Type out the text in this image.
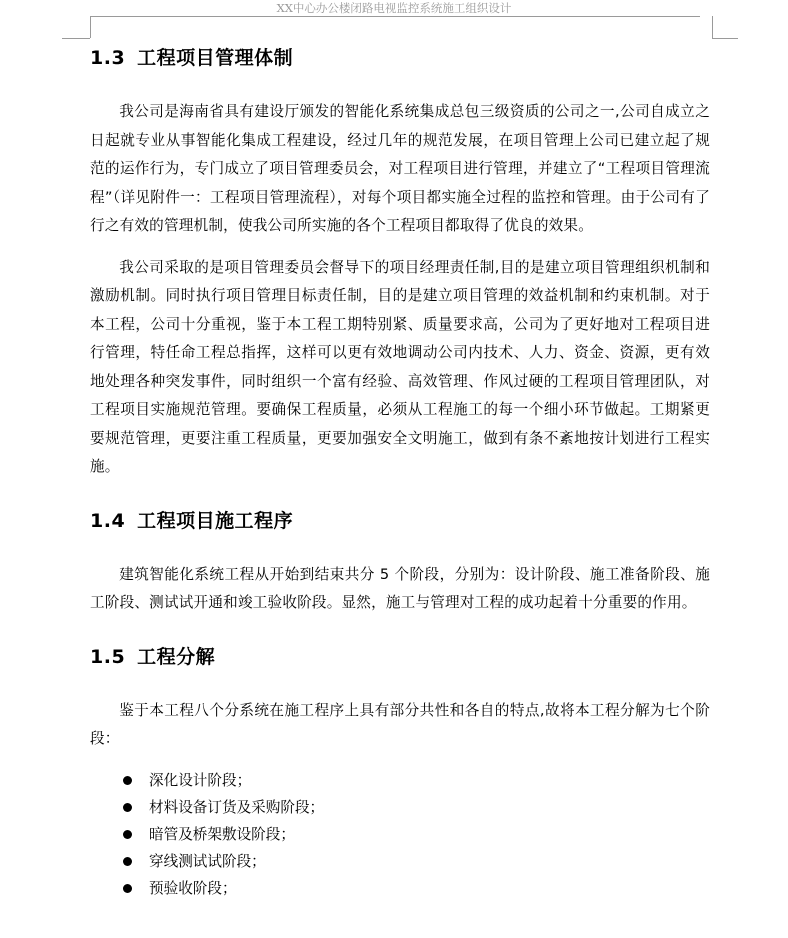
XX中心办公楼闭路电视监控系统施工组织设计
1.3 工程项目管理体制

我公司是海南省具有建设厅颁发的智能化系统集成总包三级资质的公司之一,公司自成立之日起就专业从事智能化集成工程建设，经过几年的规范发展，在项目管理上公司已建立起了规范的运作行为，专门成立了项目管理委员会，对工程项目进行管理，并建立了“工程项目管理流程”（详见附件一：工程项目管理流程），对每个项目都实施全过程的监控和管理。由于公司有了行之有效的管理机制，使我公司所实施的各个工程项目都取得了优良的效果。

我公司采取的是项目管理委员会督导下的项目经理责任制,目的是建立项目管理组织机制和激励机制。同时执行项目管理目标责任制，目的是建立项目管理的效益机制和约束机制。对于本工程，公司十分重视，鉴于本工程工期特别紧、质量要求高，公司为了更好地对工程项目进行管理，特任命工程总指挥，这样可以更有效地调动公司内技术、人力、资金、资源，更有效地处理各种突发事件，同时组织一个富有经验、高效管理、作风过硬的工程项目管理团队，对工程项目实施规范管理。要确保工程质量，必须从工程施工的每一个细小环节做起。工期紧更要规范管理，更要注重工程质量，更要加强安全文明施工，做到有条不紊地按计划进行工程实施。

1.4 工程项目施工程序

建筑智能化系统工程从开始到结束共分 5 个阶段，分别为：设计阶段、施工准备阶段、施工阶段、测试试开通和竣工验收阶段。显然，施工与管理对工程的成功起着十分重要的作用。

1.5 工程分解

鉴于本工程八个分系统在施工程序上具有部分共性和各自的特点,故将本工程分解为七个阶段：

深化设计阶段；
材料设备订货及采购阶段；
暗管及桥架敷设阶段；
穿线测试试阶段；
预验收阶段；
